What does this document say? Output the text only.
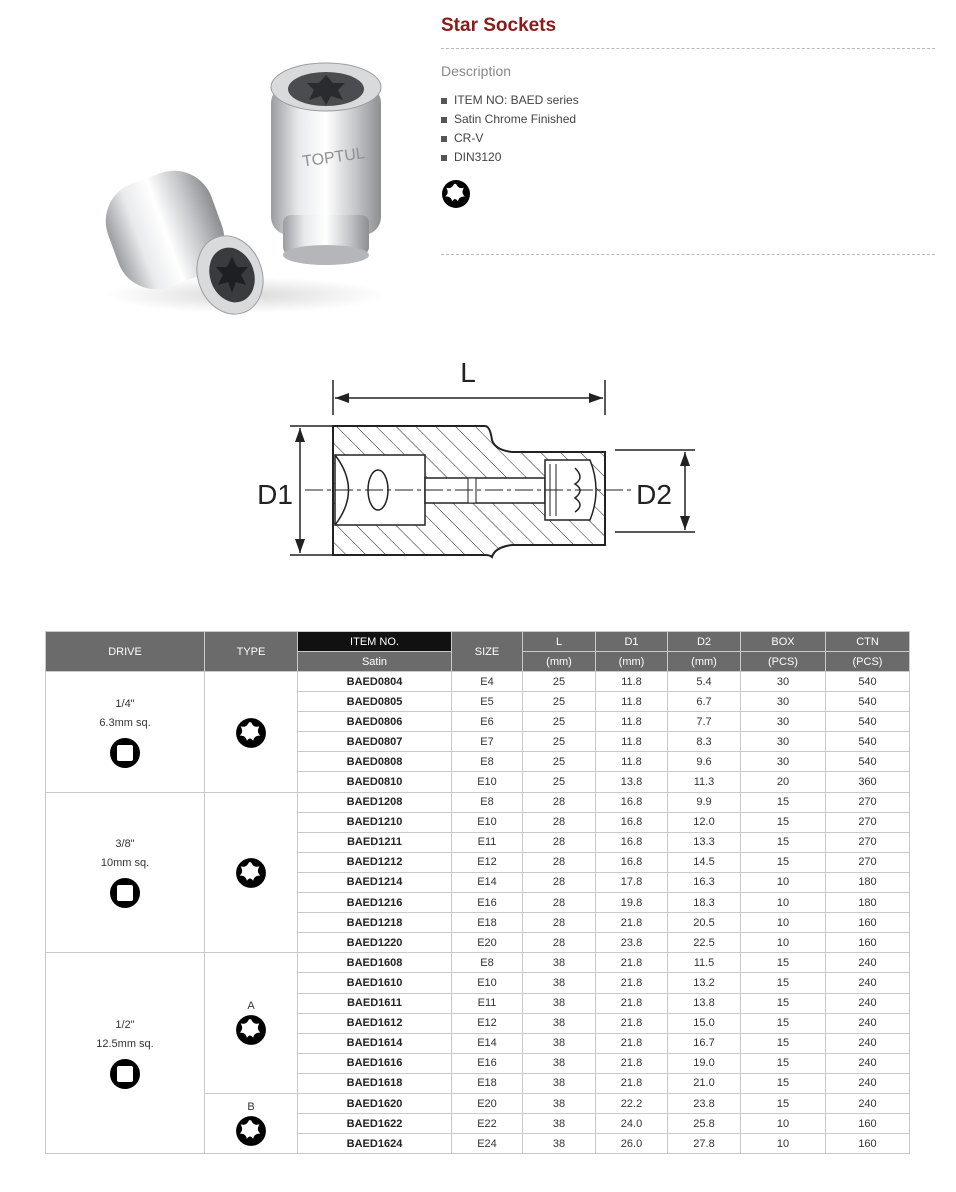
TOPTUL
Star Sockets
Description
ITEM NO: BAED series
Satin Chrome Finished
CR-V
DIN3120
L
D1	D2
DRIVE	TYPE	ITEM NO.	SIZE	L	D1	D2	BOX	CTN
		Satin		(mm)	(mm)	(mm)	(PCS)	(PCS)

1/4"
6.3mm sq.		BAED0804	E4	25	11.8	5.4	30	540
		BAED0805	E5	25	11.8	6.7	30	540
		BAED0806	E6	25	11.8	7.7	30	540
		BAED0807	E7	25	11.8	8.3	30	540
		BAED0808	E8	25	11.8	9.6	30	540
		BAED0810	E10	25	13.8	11.3	20	360

3/8"
10mm sq.		BAED1208	E8	28	16.8	9.9	15	270
		BAED1210	E10	28	16.8	12.0	15	270
		BAED1211	E11	28	16.8	13.3	15	270
		BAED1212	E12	28	16.8	14.5	15	270
		BAED1214	E14	28	17.8	16.3	10	180
		BAED1216	E16	28	19.8	18.3	10	180
		BAED1218	E18	28	21.8	20.5	10	160
		BAED1220	E20	28	23.8	22.5	10	160

1/2"
12.5mm sq.	A	BAED1608	E8	38	21.8	11.5	15	240
		BAED1610	E10	38	21.8	13.2	15	240
		BAED1611	E11	38	21.8	13.8	15	240
		BAED1612	E12	38	21.8	15.0	15	240
		BAED1614	E14	38	21.8	16.7	15	240
		BAED1616	E16	38	21.8	19.0	15	240
		BAED1618	E18	38	21.8	21.0	15	240

	B	BAED1620	E20	38	22.2	23.8	15	240
		BAED1622	E22	38	24.0	25.8	10	160
		BAED1624	E24	38	26.0	27.8	10	160
